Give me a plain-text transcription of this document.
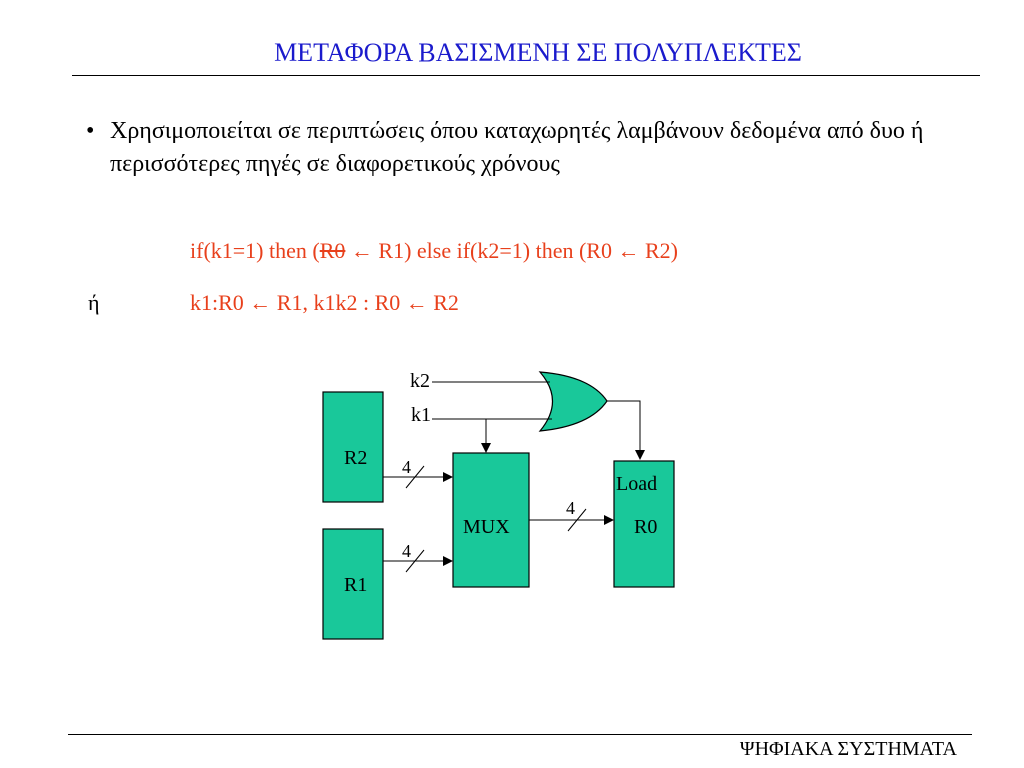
ΜΕΤΑΦΟΡΑ ΒΑΣΙΣΜΕΝΗ ΣΕ ΠΟΛΥΠΛΕΚΤΕΣ
• Χρησιμοποιείται σε περιπτώσεις όπου καταχωρητές λαμβάνουν δεδομένα από δυο ή περισσότερες πηγές σε διαφορετικούς χρόνους
if(k1=1) then (R0 ← R1) else if(k2=1) then (R0 ← R2)
ή	k1:R0 ← R1, k1k2 : R0 ← R2
R2
R1
MUX
Load
R0
k2
k1
4
4
4
ΨΗΦΙΑΚΑ ΣΥΣΤΗΜΑΤΑ
